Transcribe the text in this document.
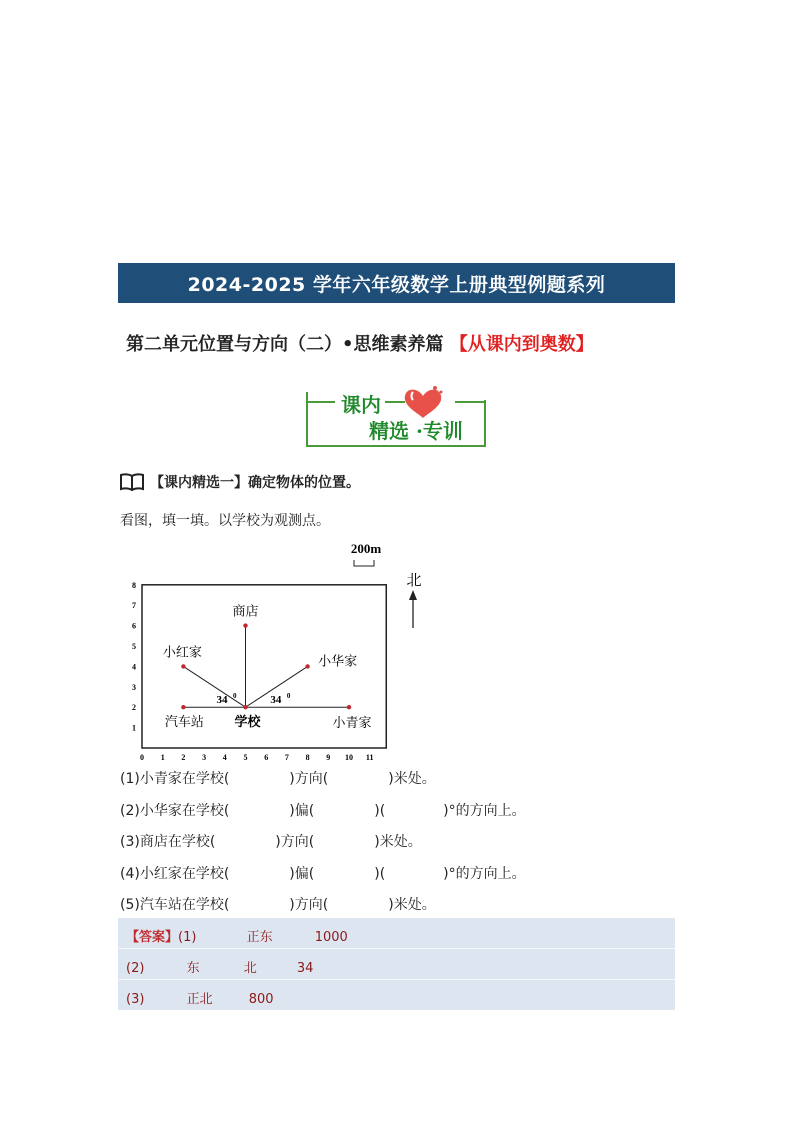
2024-2025 学年六年级数学上册典型例题系列
第二单元位置与方向（二）•思维素养篇 【从课内到奥数】
课内
精选 ·专训
【课内精选一】确定物体的位置。
看图，填一填。以学校为观测点。
0 1 2 3 4 5 6 7 8 9 10 11
1
2
3
4
5
6
7
8
商店
小红家
小华家
汽车站 学校	小青家
34 0	34 0
200m
北
(1)小青家在学校(	)方向(	)米处。
(2)小华家在学校(	)偏(	)(	)°的方向上。
(3)商店在学校(	)方向(	)米处。
(4)小红家在学校(	)偏(	)(	)°的方向上。
(5)汽车站在学校(	)方向(	)米处。
【答案】(1)	正东	1000
(2)	东	北	34
(3)	正北	800
